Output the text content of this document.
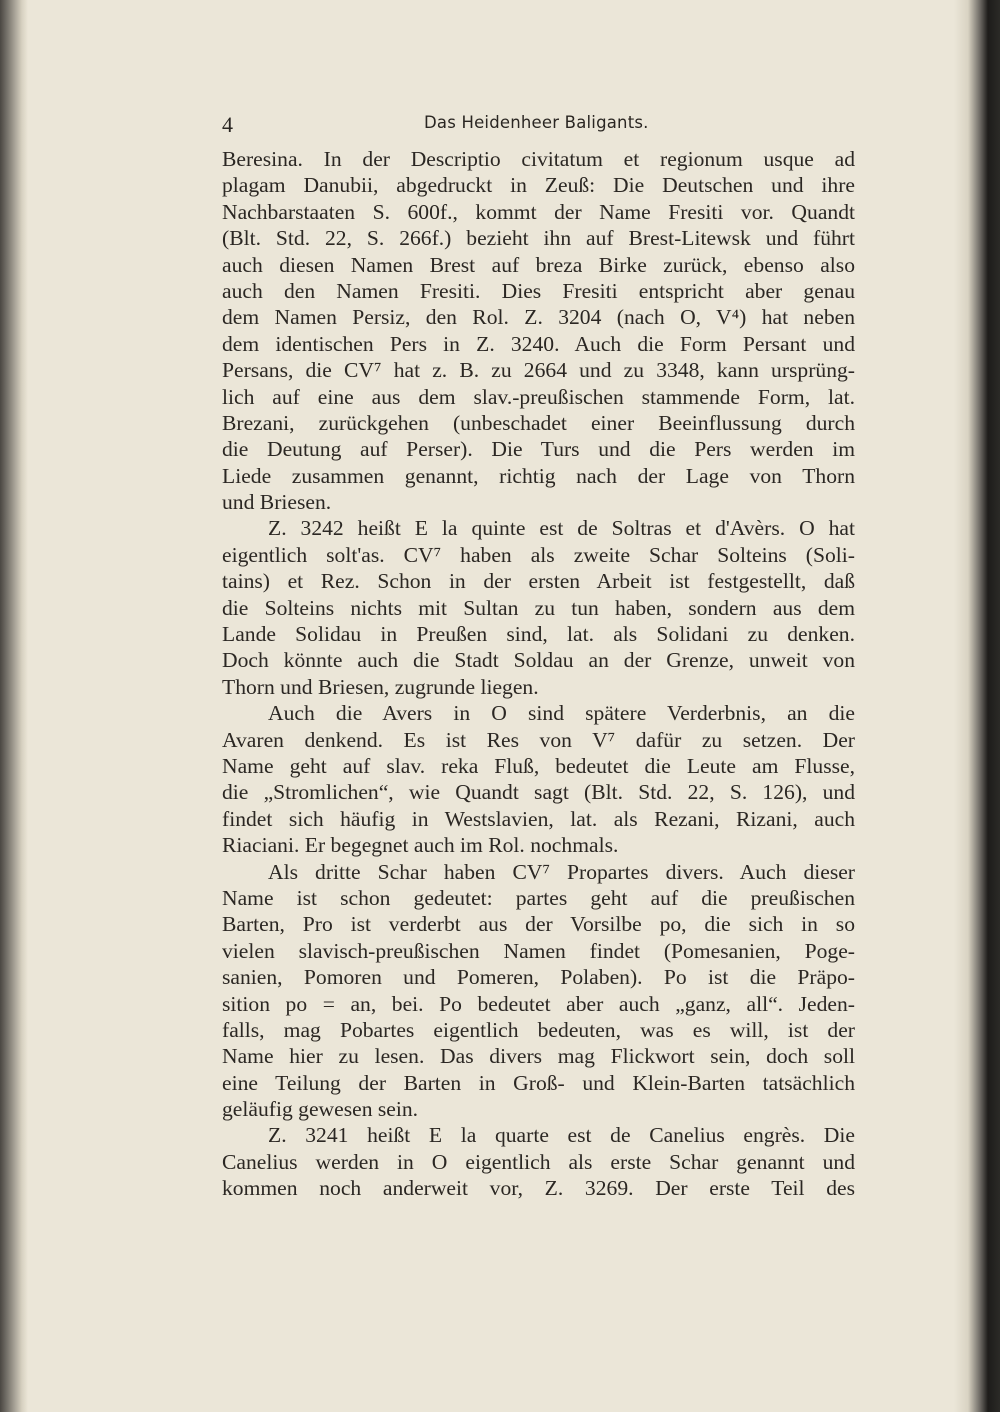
4	Das Heidenheer Baligants.
Beresina. In der Descriptio civitatum et regionum usque ad
plagam Danubii, abgedruckt in Zeuß: Die Deutschen und ihre
Nachbarstaaten S. 600f., kommt der Name Fresiti vor. Quandt
(Blt. Std. 22, S. 266f.) bezieht ihn auf Brest-Litewsk und führt
auch diesen Namen Brest auf breza Birke zurück, ebenso also
auch den Namen Fresiti. Dies Fresiti entspricht aber genau
dem Namen Persiz, den Rol. Z. 3204 (nach O, V⁴) hat neben
dem identischen Pers in Z. 3240. Auch die Form Persant und
Persans, die CV⁷ hat z. B. zu 2664 und zu 3348, kann ursprüng-
lich auf eine aus dem slav.-preußischen stammende Form, lat.
Brezani, zurückgehen (unbeschadet einer Beeinflussung durch
die Deutung auf Perser). Die Turs und die Pers werden im
Liede zusammen genannt, richtig nach der Lage von Thorn
und Briesen.
Z. 3242 heißt E la quinte est de Soltras et d'Avèrs. O hat
eigentlich solt'as. CV⁷ haben als zweite Schar Solteins (Soli-
tains) et Rez. Schon in der ersten Arbeit ist festgestellt, daß
die Solteins nichts mit Sultan zu tun haben, sondern aus dem
Lande Solidau in Preußen sind, lat. als Solidani zu denken.
Doch könnte auch die Stadt Soldau an der Grenze, unweit von
Thorn und Briesen, zugrunde liegen.
Auch die Avers in O sind spätere Verderbnis, an die
Avaren denkend. Es ist Res von V⁷ dafür zu setzen. Der
Name geht auf slav. reka Fluß, bedeutet die Leute am Flusse,
die „Stromlichen“, wie Quandt sagt (Blt. Std. 22, S. 126), und
findet sich häufig in Westslavien, lat. als Rezani, Rizani, auch
Riaciani. Er begegnet auch im Rol. nochmals.
Als dritte Schar haben CV⁷ Propartes divers. Auch dieser
Name ist schon gedeutet: partes geht auf die preußischen
Barten, Pro ist verderbt aus der Vorsilbe po, die sich in so
vielen slavisch-preußischen Namen findet (Pomesanien, Poge-
sanien, Pomoren und Pomeren, Polaben). Po ist die Präpo-
sition po = an, bei. Po bedeutet aber auch „ganz, all“. Jeden-
falls, mag Pobartes eigentlich bedeuten, was es will, ist der
Name hier zu lesen. Das divers mag Flickwort sein, doch soll
eine Teilung der Barten in Groß- und Klein-Barten tatsächlich
geläufig gewesen sein.
Z. 3241 heißt E la quarte est de Canelius engrès. Die
Canelius werden in O eigentlich als erste Schar genannt und
kommen noch anderweit vor, Z. 3269. Der erste Teil des
